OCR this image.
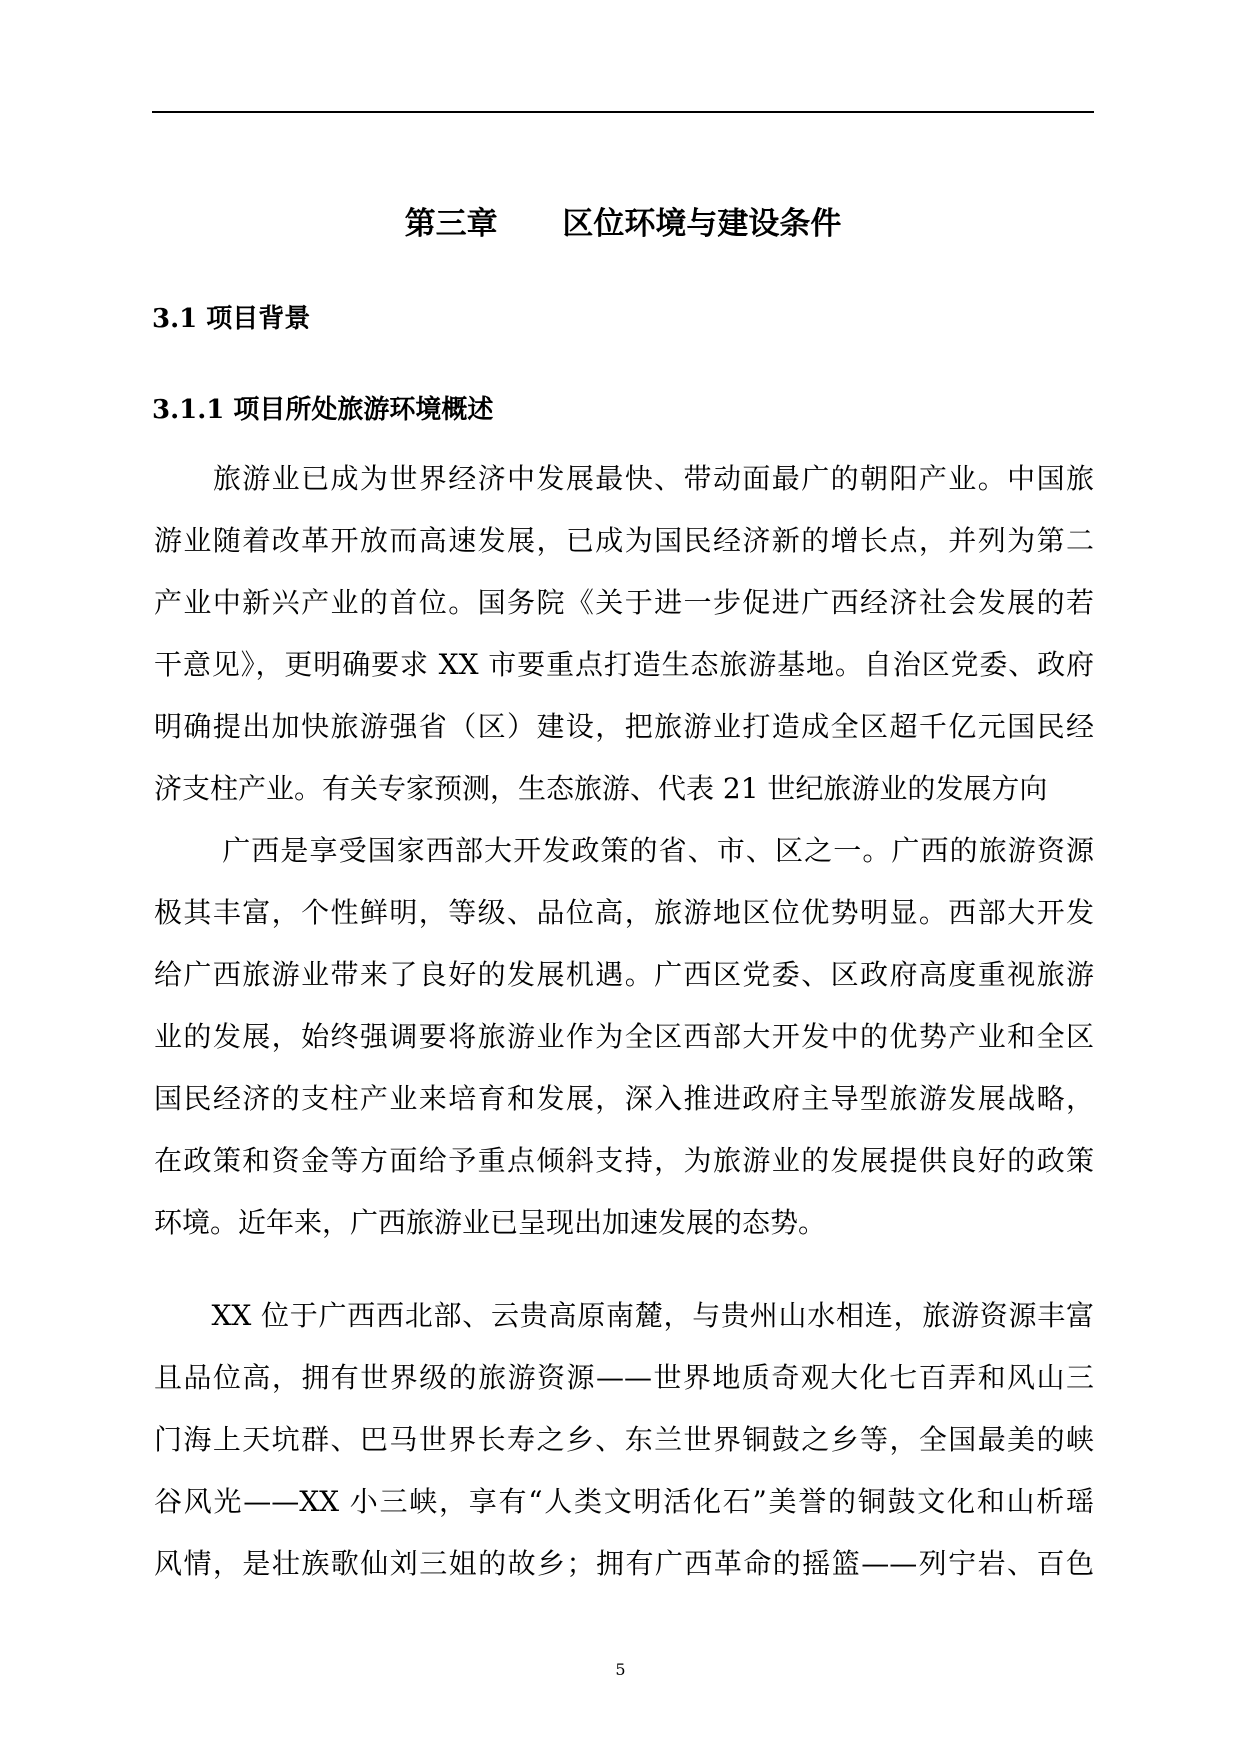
第三章      区位环境与建设条件
3.1 项目背景
3.1.1 项目所处旅游环境概述
　　旅游业已成为世界经济中发展最快、带动面最广的朝阳产业。中国旅
游业随着改革开放而高速发展，已成为国民经济新的增长点，并列为第二
产业中新兴产业的首位。国务院《关于进一步促进广西经济社会发展的若
干意见》，更明确要求 XX 市要重点打造生态旅游基地。自治区党委、政府
明确提出加快旅游强省（区）建设，把旅游业打造成全区超千亿元国民经
济支柱产业。有关专家预测，生态旅游、代表 21 世纪旅游业的发展方向
　　 广西是享受国家西部大开发政策的省、市、区之一。广西的旅游资源
极其丰富，个性鲜明，等级、品位高，旅游地区位优势明显。西部大开发
给广西旅游业带来了良好的发展机遇。广西区党委、区政府高度重视旅游
业的发展，始终强调要将旅游业作为全区西部大开发中的优势产业和全区
国民经济的支柱产业来培育和发展，深入推进政府主导型旅游发展战略，
在政策和资金等方面给予重点倾斜支持，为旅游业的发展提供良好的政策
环境。近年来，广西旅游业已呈现出加速发展的态势。
　　XX 位于广西西北部、云贵高原南麓，与贵州山水相连，旅游资源丰富
且品位高，拥有世界级的旅游资源——世界地质奇观大化七百弄和风山三
门海上天坑群、巴马世界长寿之乡、东兰世界铜鼓之乡等，全国最美的峡
谷风光——XX 小三峡，享有“人类文明活化石”美誉的铜鼓文化和山析瑶
风情，是壮族歌仙刘三姐的故乡；拥有广西革命的摇篮——列宁岩、百色
5
